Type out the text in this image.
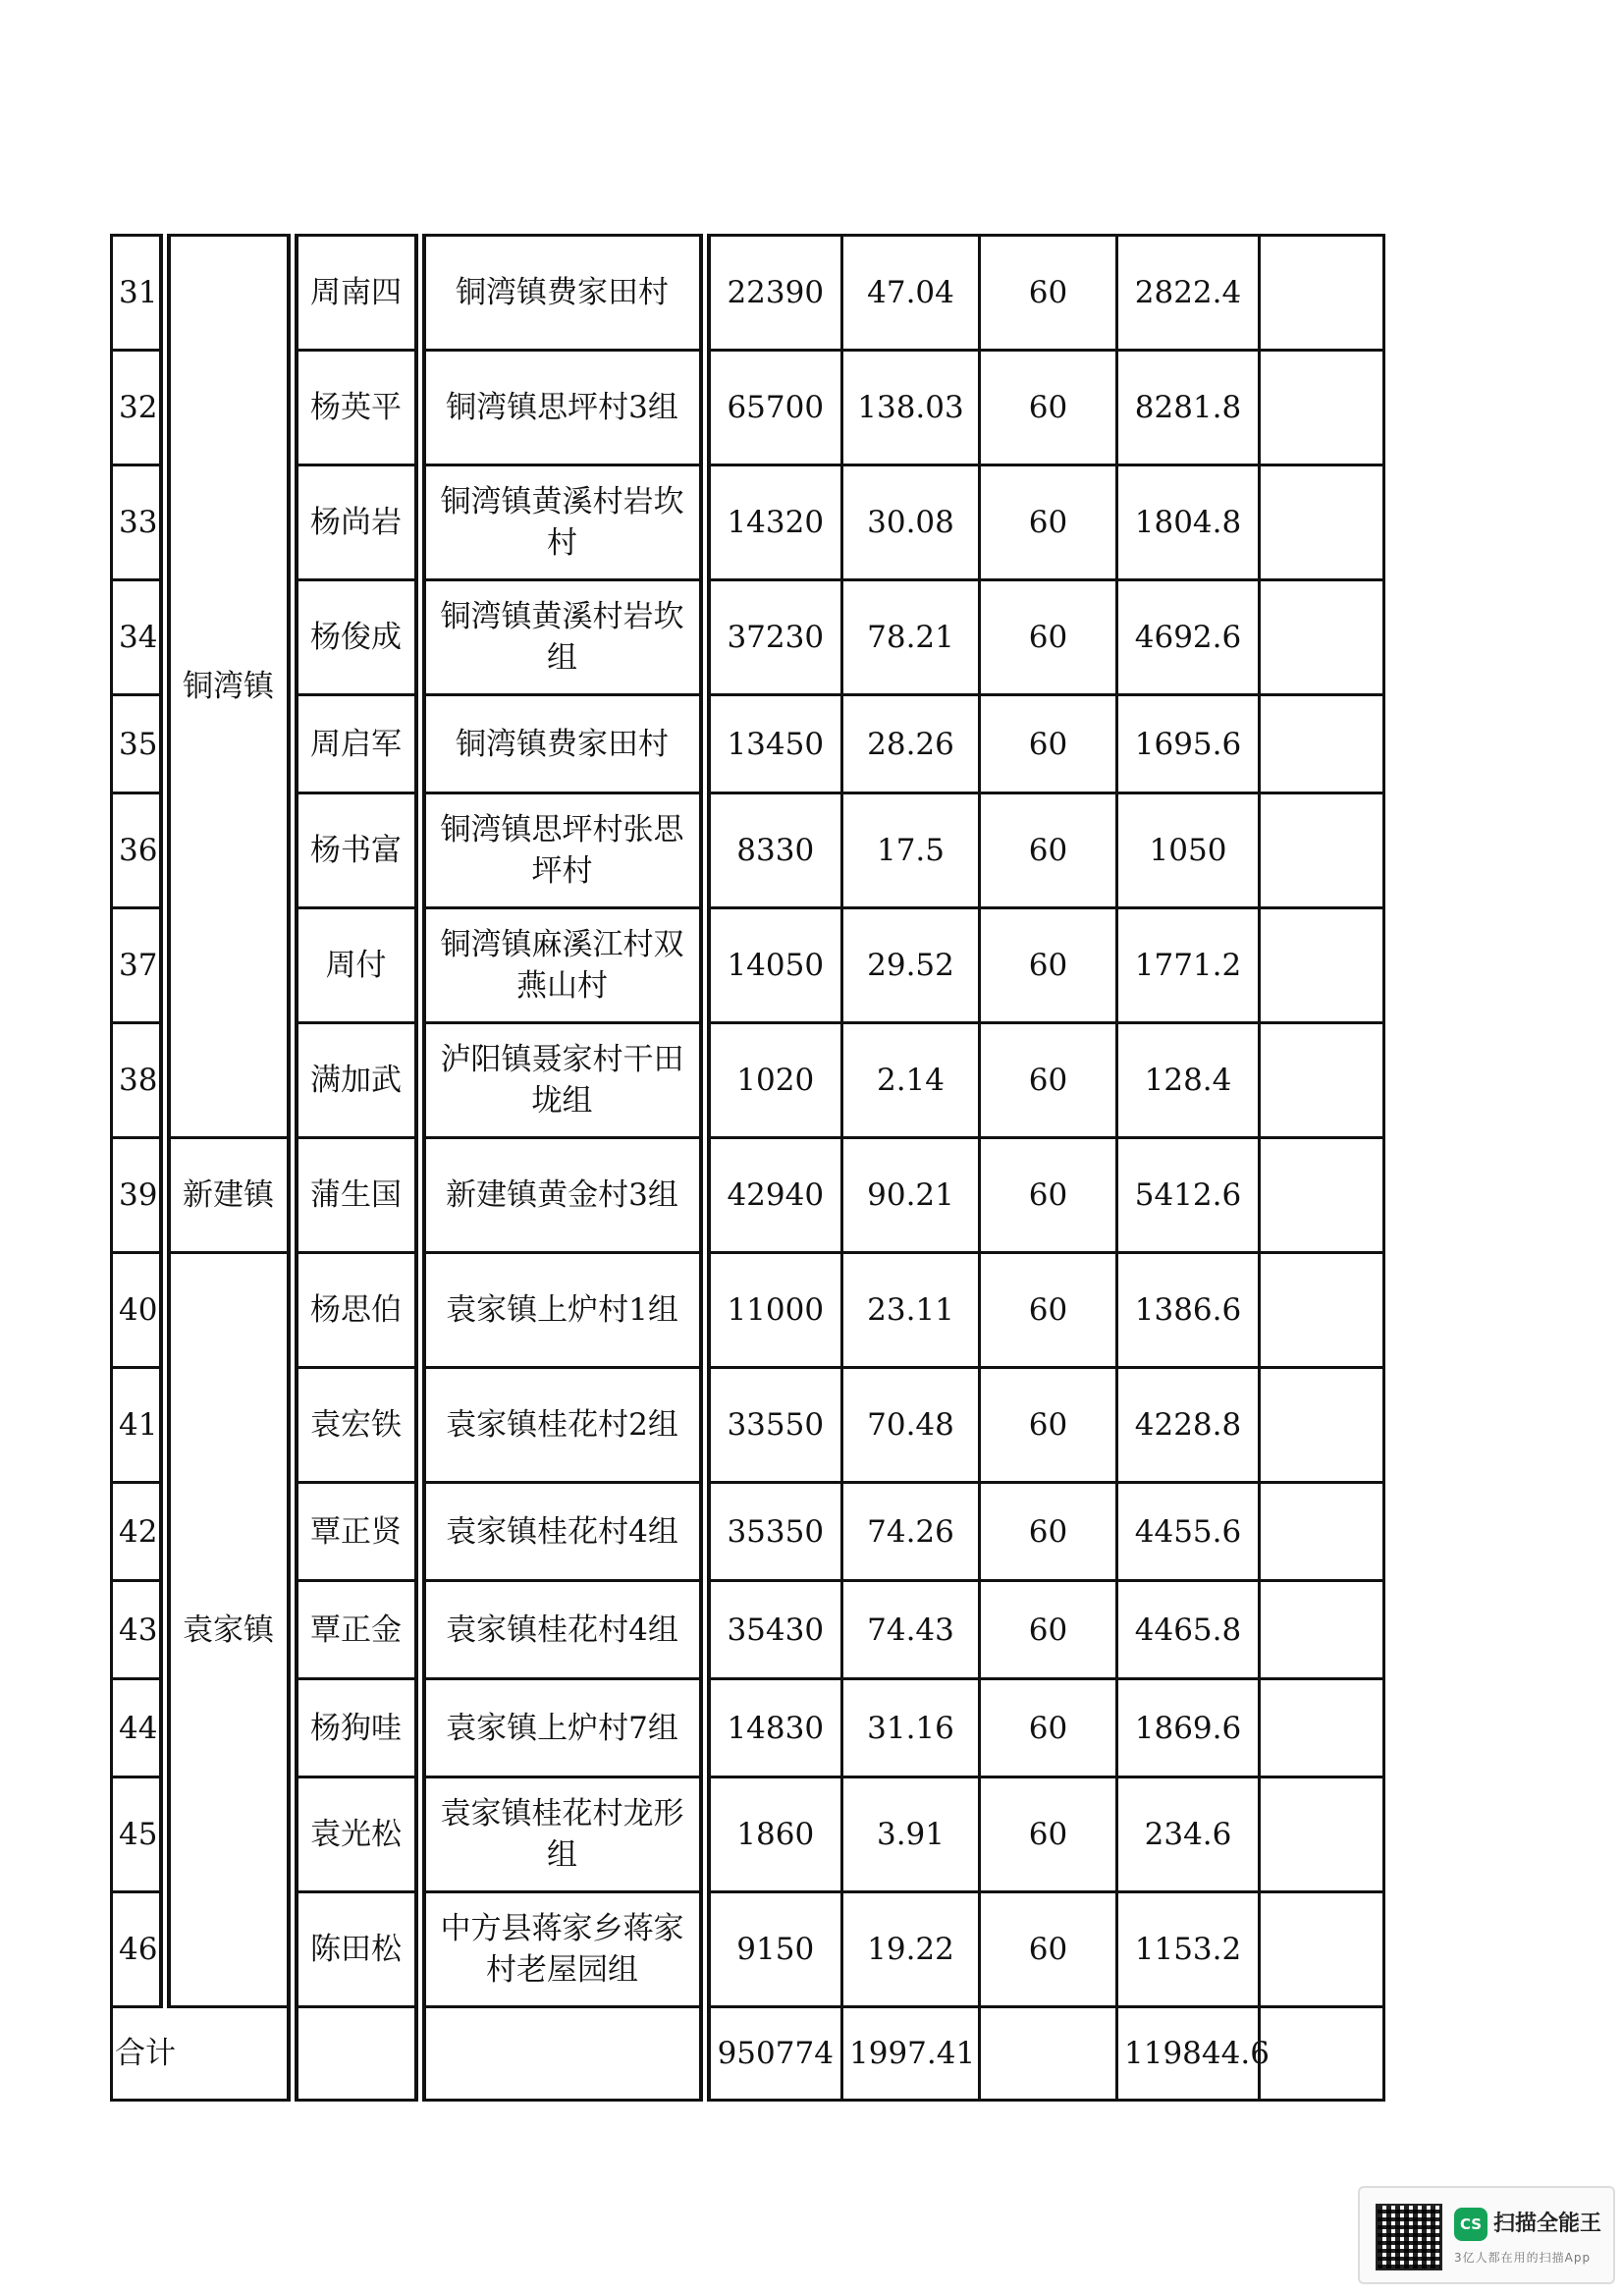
31	铜湾镇	周南四	铜湾镇费家田村	22390	47.04	60	2822.4	
32		杨英平	铜湾镇思坪村3组	65700	138.03	60	8281.8	
33		杨尚岩	铜湾镇黄溪村岩坎村	14320	30.08	60	1804.8	
34		杨俊成	铜湾镇黄溪村岩坎组	37230	78.21	60	4692.6	
35		周启军	铜湾镇费家田村	13450	28.26	60	1695.6	
36		杨书富	铜湾镇思坪村张思坪村	8330	17.5	60	1050	
37		周付	铜湾镇麻溪江村双燕山村	14050	29.52	60	1771.2	
38		满加武	泸阳镇聂家村干田垅组	1020	2.14	60	128.4	
39	新建镇	蒲生国	新建镇黄金村3组	42940	90.21	60	5412.6	
40	袁家镇	杨思伯	袁家镇上炉村1组	11000	23.11	60	1386.6	
41		袁宏铁	袁家镇桂花村2组	33550	70.48	60	4228.8	
42		覃正贤	袁家镇桂花村4组	35350	74.26	60	4455.6	
43		覃正金	袁家镇桂花村4组	35430	74.43	60	4465.8	
44		杨狗哇	袁家镇上炉村7组	14830	31.16	60	1869.6	
45		袁光松	袁家镇桂花村龙形组	1860	3.91	60	234.6	
46		陈田松	中方县蒋家乡蒋家村老屋园组	9150	19.22	60	1153.2	
合计				950774	1997.41		119844.6	
CS 扫描全能王
3亿人都在用的扫描App
